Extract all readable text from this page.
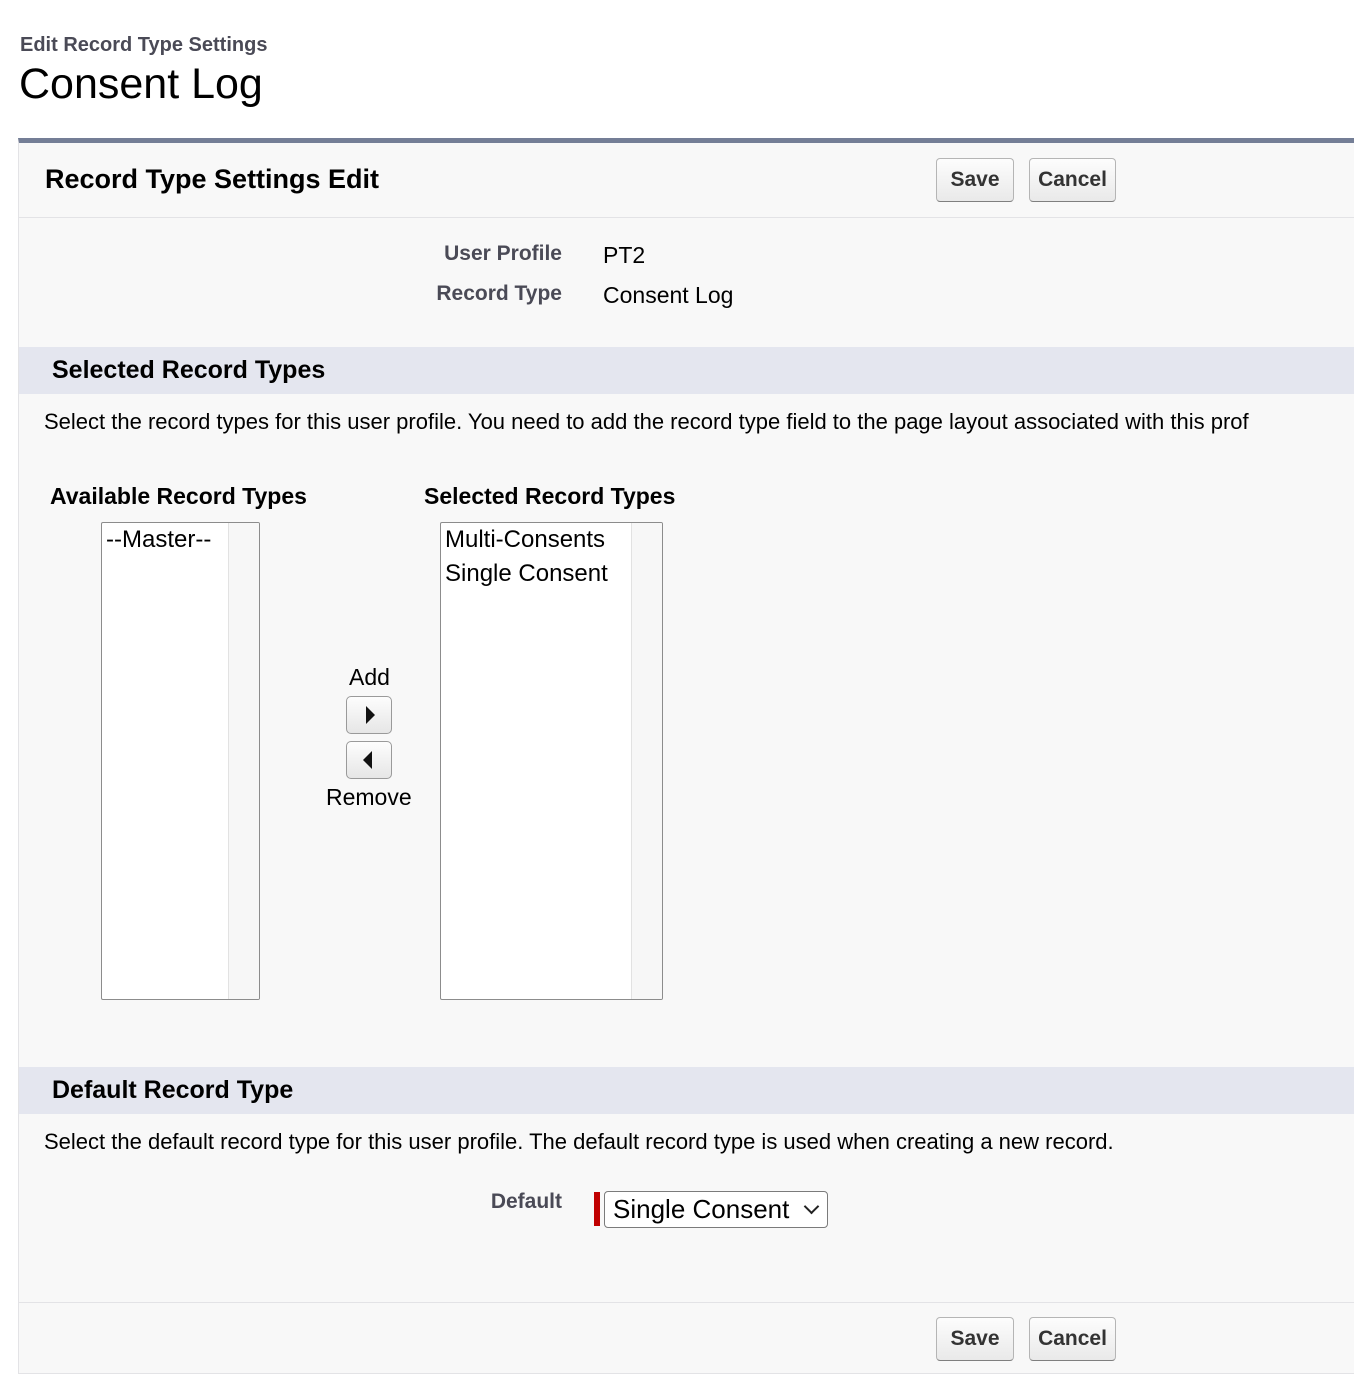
Edit Record Type Settings
Consent Log
Record Type Settings Edit	Save	Cancel
User Profile PT2
Record Type Consent Log
Selected Record Types
Select the record types for this user profile. You need to add the record type field to the page layout associated with this prof
Available Record Types	Selected Record Types
--Master--
Add
Remove
Multi-Consents
Single Consent
Default Record Type
Select the default record type for this user profile. The default record type is used when creating a new record.
Default	Single Consent
Save	Cancel
